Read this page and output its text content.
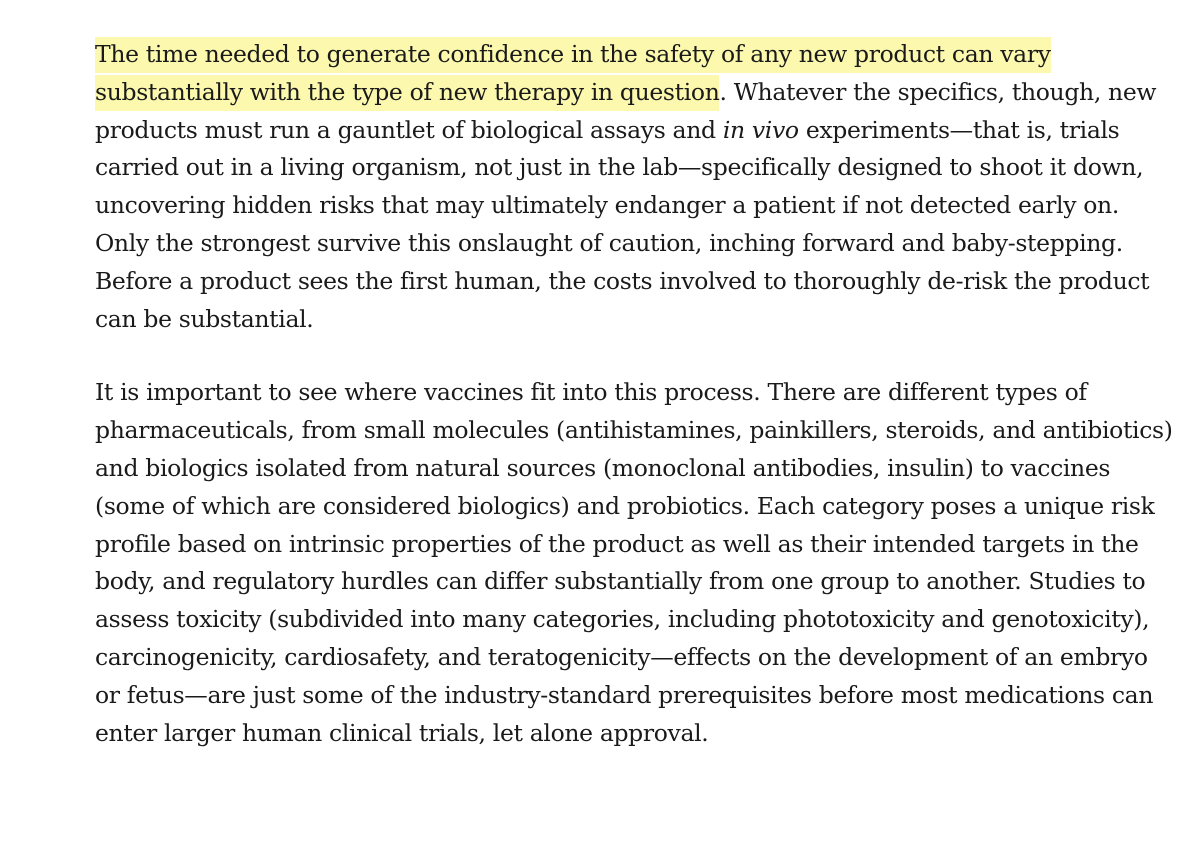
The time needed to generate confidence in the safety of any new product can vary substantially with the type of new therapy in question. Whatever the specifics, though, new products must run a gauntlet of biological assays and in vivo experiments—that is, trials carried out in a living organism, not just in the lab—specifically designed to shoot it down, uncovering hidden risks that may ultimately endanger a patient if not detected early on. Only the strongest survive this onslaught of caution, inching forward and baby-stepping. Before a product sees the first human, the costs involved to thoroughly de-risk the product can be substantial.

It is important to see where vaccines fit into this process. There are different types of pharmaceuticals, from small molecules (antihistamines, painkillers, steroids, and antibiotics) and biologics isolated from natural sources (monoclonal antibodies, insulin) to vaccines (some of which are considered biologics) and probiotics. Each category poses a unique risk profile based on intrinsic properties of the product as well as their intended targets in the body, and regulatory hurdles can differ substantially from one group to another. Studies to assess toxicity (subdivided into many categories, including phototoxicity and genotoxicity), carcinogenicity, cardiosafety, and teratogenicity—effects on the development of an embryo or fetus—are just some of the industry-standard prerequisites before most medications can enter larger human clinical trials, let alone approval.
